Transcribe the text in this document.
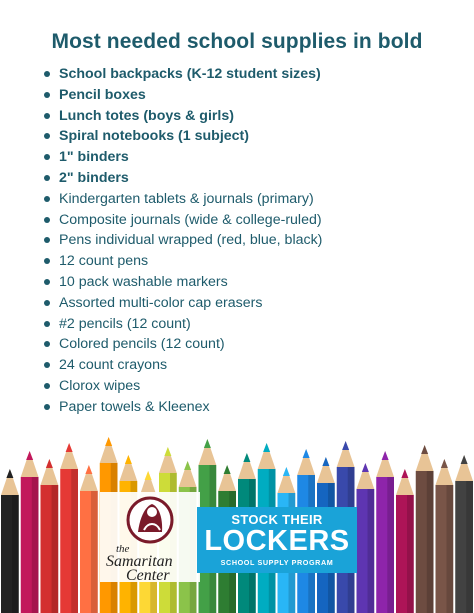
Most needed school supplies in bold
School backpacks (K-12 student sizes)
Pencil boxes
Lunch totes (boys & girls)
Spiral notebooks (1 subject)
1" binders
2" binders
Kindergarten tablets & journals (primary)
Composite journals (wide & college-ruled)
Pens individual wrapped (red, blue, black)
12 count pens
10 pack washable markers
Assorted multi-color cap erasers
#2 pencils (12 count)
Colored pencils (12 count)
24 count crayons
Clorox wipes
Paper towels & Kleenex
the
Samaritan
Center
STOCK THEIR
LOCKERS
SCHOOL SUPPLY PROGRAM
